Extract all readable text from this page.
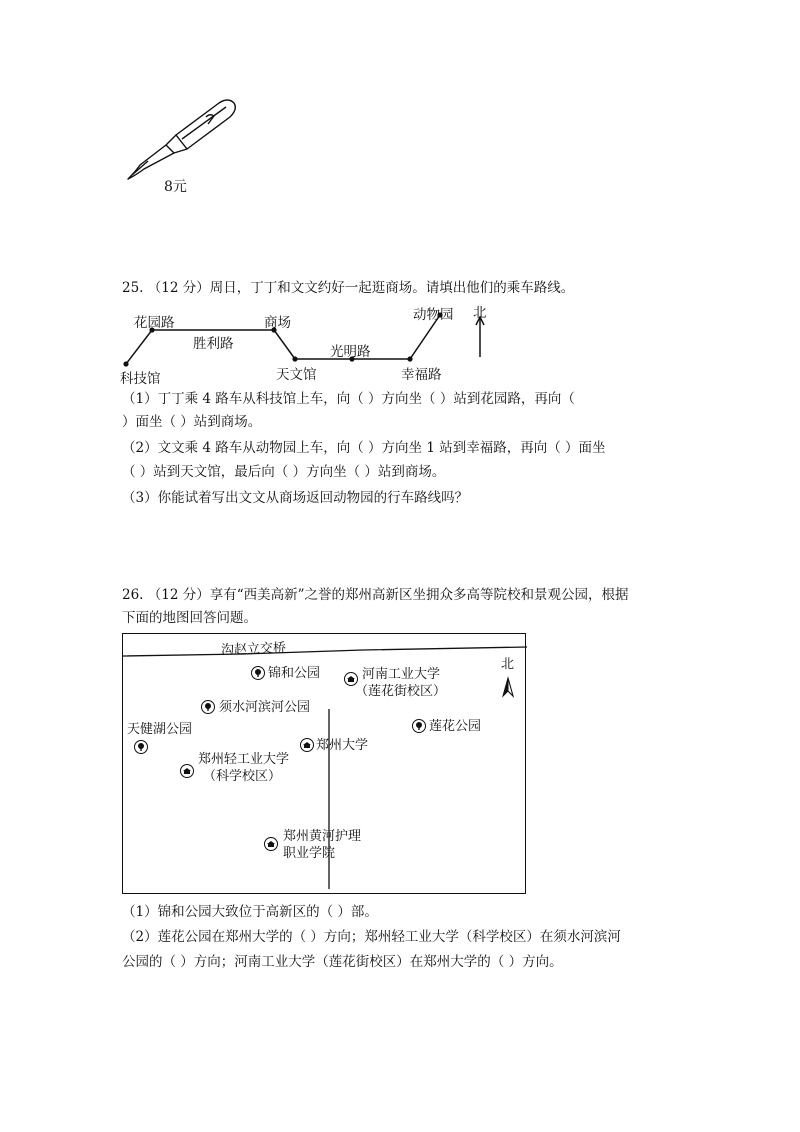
8元
25. （12 分）周日，丁丁和文文约好一起逛商场。请填出他们的乘车路线。
花园路
胜利路
商场
科技馆	天文馆
光明路
幸福路
动物园 北
（1）丁丁乘 4 路车从科技馆上车，向（ ）方向坐（ ）站到花园路，再向（
）面坐（ ）站到商场。
（2）文文乘 4 路车从动物园上车，向（ ）方向坐 1 站到幸福路，再向（ ）面坐
（ ）站到天文馆，最后向（ ）方向坐（ ）站到商场。
（3）你能试着写出文文从商场返回动物园的行车路线吗？
26. （12 分）享有“西美高新”之誉的郑州高新区坐拥众多高等院校和景观公园，根据
下面的地图回答问题。
沟赵立交桥
北
锦和公园	河南工业大学
（莲花街校区）
须水河滨河公园
莲花公园
天健湖公园
郑州大学
郑州轻工业大学
（科学校区）
郑州黄河护理
职业学院
（1）锦和公园大致位于高新区的（ ）部。
（2）莲花公园在郑州大学的（ ）方向；郑州轻工业大学（科学校区）在须水河滨河
公园的（ ）方向；河南工业大学（莲花街校区）在郑州大学的（ ）方向。
